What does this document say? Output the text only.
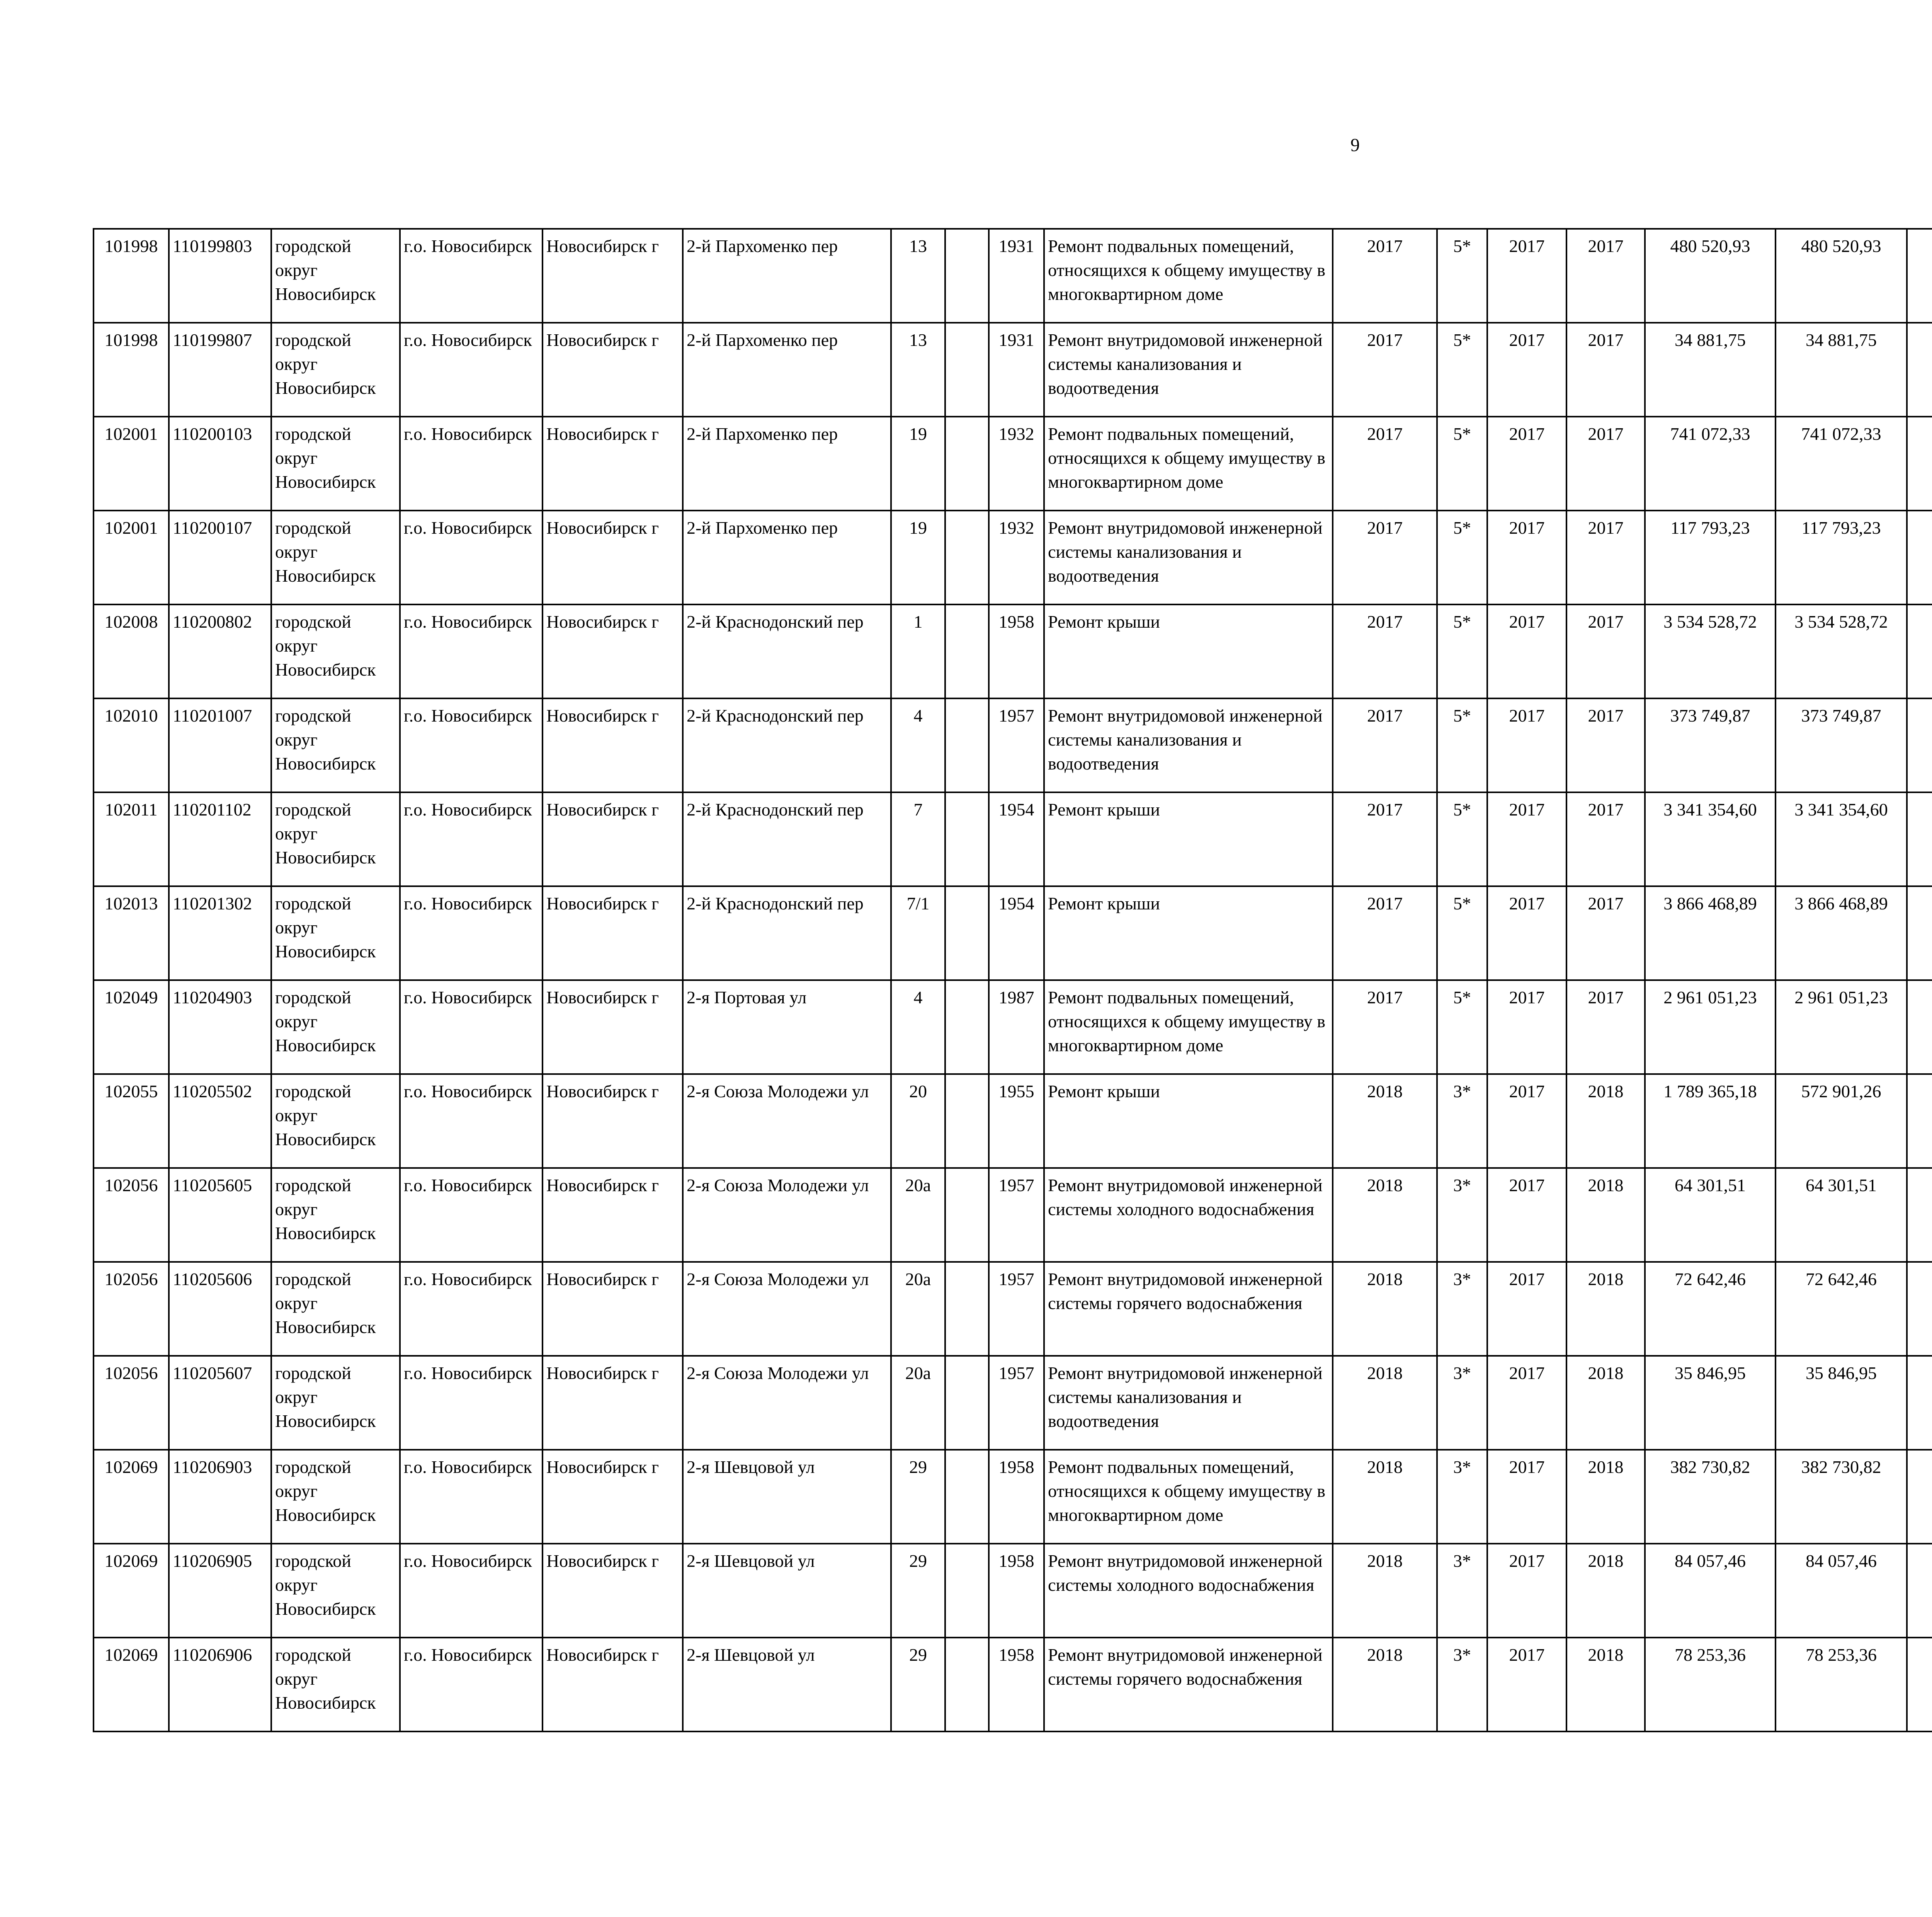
9
101998	110199803	городской округ Новосибирск	г.о. Новосибирск	Новосибирск г	2-й Пархоменко пер	13		1931	Ремонт подвальных помещений, относящихся к общему имуществу в многоквартирном доме	2017	5*	2017	2017	480 520,93	480 520,93						
101998	110199807	городской округ Новосибирск	г.о. Новосибирск	Новосибирск г	2-й Пархоменко пер	13		1931	Ремонт внутридомовой инженерной системы канализования и водоотведения	2017	5*	2017	2017	34 881,75	34 881,75						
102001	110200103	городской округ Новосибирск	г.о. Новосибирск	Новосибирск г	2-й Пархоменко пер	19		1932	Ремонт подвальных помещений, относящихся к общему имуществу в многоквартирном доме	2017	5*	2017	2017	741 072,33	741 072,33						
102001	110200107	городской округ Новосибирск	г.о. Новосибирск	Новосибирск г	2-й Пархоменко пер	19		1932	Ремонт внутридомовой инженерной системы канализования и водоотведения	2017	5*	2017	2017	117 793,23	117 793,23						
102008	110200802	городской округ Новосибирск	г.о. Новосибирск	Новосибирск г	2-й Краснодонский пер	1		1958	Ремонт крыши	2017	5*	2017	2017	3 534 528,72	3 534 528,72						
102010	110201007	городской округ Новосибирск	г.о. Новосибирск	Новосибирск г	2-й Краснодонский пер	4		1957	Ремонт внутридомовой инженерной системы канализования и водоотведения	2017	5*	2017	2017	373 749,87	373 749,87						
102011	110201102	городской округ Новосибирск	г.о. Новосибирск	Новосибирск г	2-й Краснодонский пер	7		1954	Ремонт крыши	2017	5*	2017	2017	3 341 354,60	3 341 354,60						
102013	110201302	городской округ Новосибирск	г.о. Новосибирск	Новосибирск г	2-й Краснодонский пер	7/1		1954	Ремонт крыши	2017	5*	2017	2017	3 866 468,89	3 866 468,89						
102049	110204903	городской округ Новосибирск	г.о. Новосибирск	Новосибирск г	2-я Портовая ул	4		1987	Ремонт подвальных помещений, относящихся к общему имуществу в многоквартирном доме	2017	5*	2017	2017	2 961 051,23	2 961 051,23						
102055	110205502	городской округ Новосибирск	г.о. Новосибирск	Новосибирск г	2-я Союза Молодежи ул	20		1955	Ремонт крыши	2018	3*	2017	2018	1 789 365,18	572 901,26						
102056	110205605	городской округ Новосибирск	г.о. Новосибирск	Новосибирск г	2-я Союза Молодежи ул	20а		1957	Ремонт внутридомовой инженерной системы холодного водоснабжения	2018	3*	2017	2018	64 301,51	64 301,51						
102056	110205606	городской округ Новосибирск	г.о. Новосибирск	Новосибирск г	2-я Союза Молодежи ул	20а		1957	Ремонт внутридомовой инженерной системы горячего водоснабжения	2018	3*	2017	2018	72 642,46	72 642,46						
102056	110205607	городской округ Новосибирск	г.о. Новосибирск	Новосибирск г	2-я Союза Молодежи ул	20а		1957	Ремонт внутридомовой инженерной системы канализования и водоотведения	2018	3*	2017	2018	35 846,95	35 846,95						
102069	110206903	городской округ Новосибирск	г.о. Новосибирск	Новосибирск г	2-я Шевцовой ул	29		1958	Ремонт подвальных помещений, относящихся к общему имуществу в многоквартирном доме	2018	3*	2017	2018	382 730,82	382 730,82						
102069	110206905	городской округ Новосибирск	г.о. Новосибирск	Новосибирск г	2-я Шевцовой ул	29		1958	Ремонт внутридомовой инженерной системы холодного водоснабжения	2018	3*	2017	2018	84 057,46	84 057,46						
102069	110206906	городской округ Новосибирск	г.о. Новосибирск	Новосибирск г	2-я Шевцовой ул	29		1958	Ремонт внутридомовой инженерной системы горячего водоснабжения	2018	3*	2017	2018	78 253,36	78 253,36						
